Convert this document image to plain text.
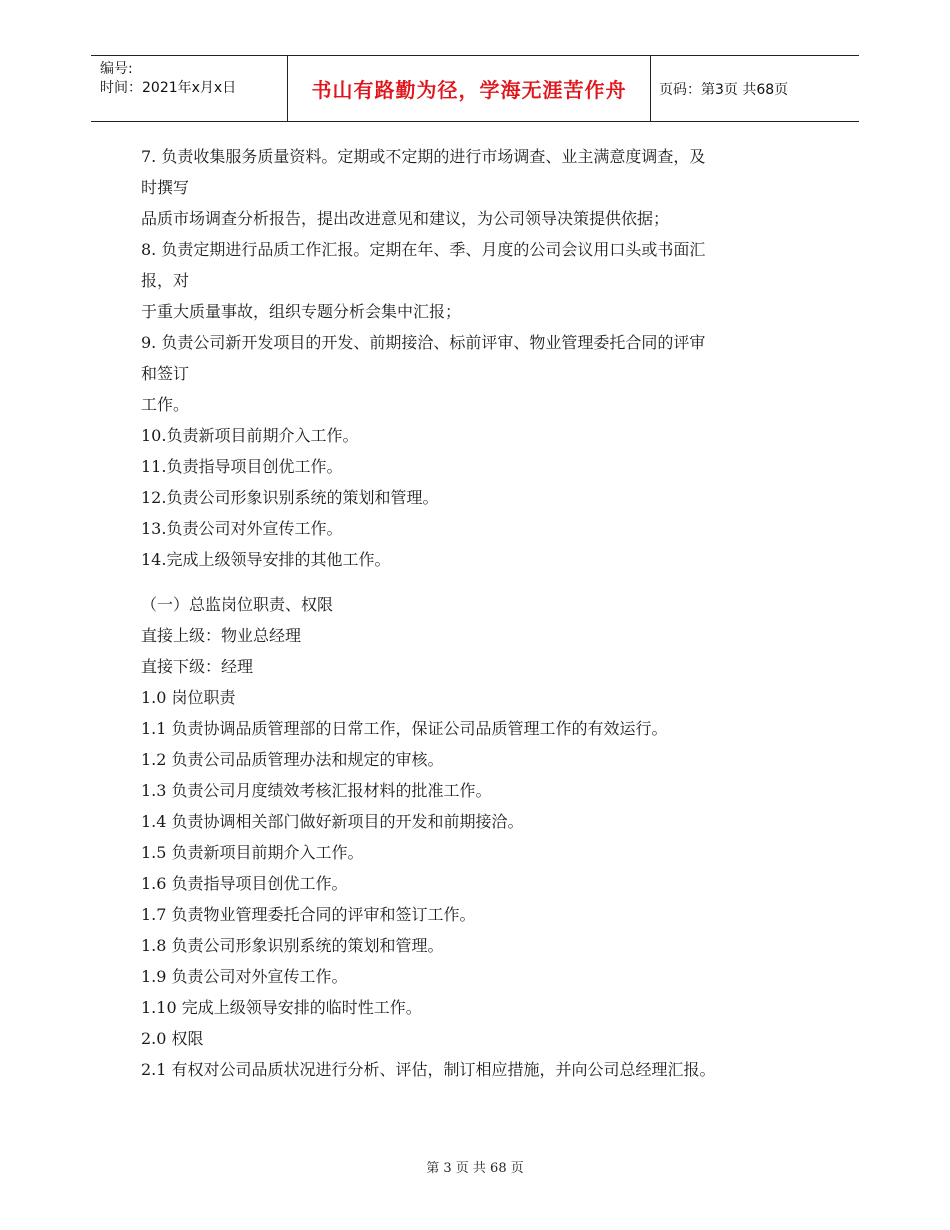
编号:
时间：2021年x月x日	书山有路勤为径，学海无涯苦作舟	页码：第3页 共68页
7. 负责收集服务质量资料。定期或不定期的进行市场调查、业主满意度调查，及
时撰写
品质市场调查分析报告，提出改进意见和建议，为公司领导决策提供依据；
8. 负责定期进行品质工作汇报。定期在年、季、月度的公司会议用口头或书面汇
报，对
于重大质量事故，组织专题分析会集中汇报；
9. 负责公司新开发项目的开发、前期接洽、标前评审、物业管理委托合同的评审
和签订
工作。
10.负责新项目前期介入工作。
11.负责指导项目创优工作。
12.负责公司形象识别系统的策划和管理。
13.负责公司对外宣传工作。
14.完成上级领导安排的其他工作。
（一）总监岗位职责、权限
直接上级：物业总经理
直接下级：经理
1.0 岗位职责
1.1 负责协调品质管理部的日常工作，保证公司品质管理工作的有效运行。
1.2 负责公司品质管理办法和规定的审核。
1.3 负责公司月度绩效考核汇报材料的批准工作。
1.4 负责协调相关部门做好新项目的开发和前期接洽。
1.5 负责新项目前期介入工作。
1.6 负责指导项目创优工作。
1.7 负责物业管理委托合同的评审和签订工作。
1.8 负责公司形象识别系统的策划和管理。
1.9 负责公司对外宣传工作。
1.10 完成上级领导安排的临时性工作。
2.0 权限
2.1 有权对公司品质状况进行分析、评估，制订相应措施，并向公司总经理汇报。
第 3 页 共 68 页
